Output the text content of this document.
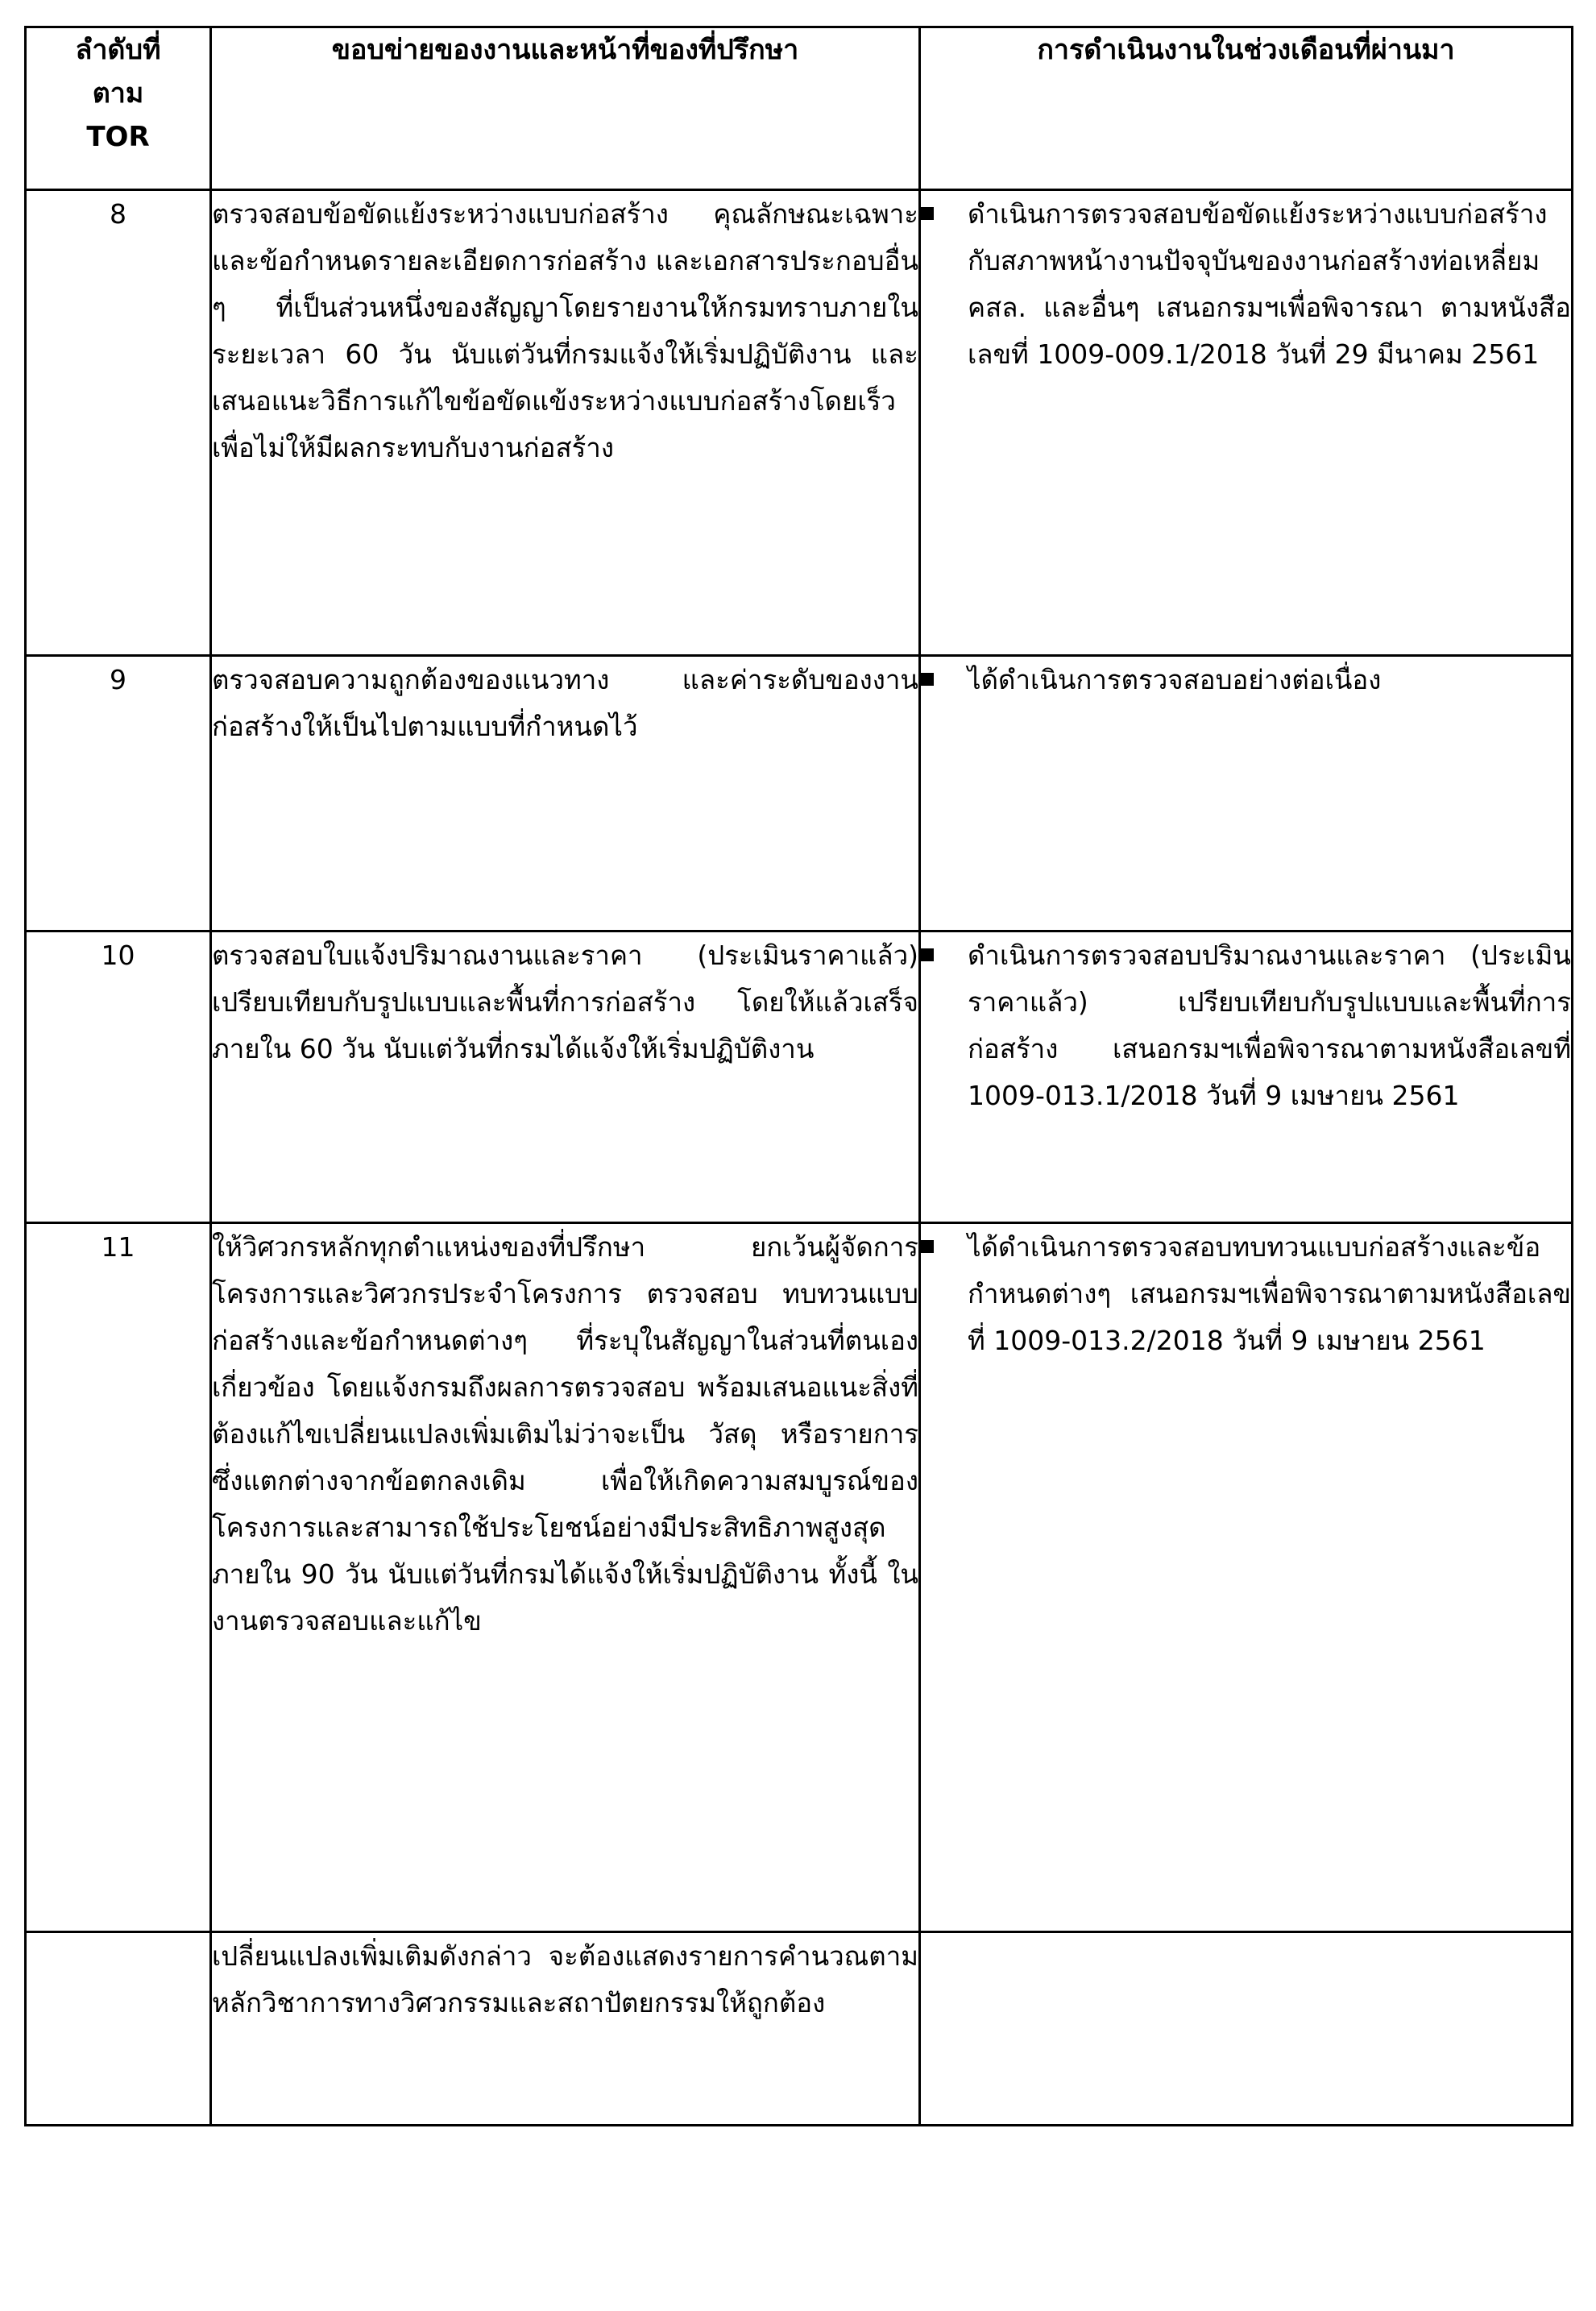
ลำดับที่
ตาม
TOR	ขอบข่ายของงานและหน้าที่ของที่ปรึกษา	การดำเนินงานในช่วงเดือนที่ผ่านมา
8	ตรวจสอบข้อขัดแย้งระหว่างแบบก่อสร้าง คุณลักษณะเฉพาะและข้อกำหนดรายละเอียดการก่อสร้าง และเอกสารประกอบอื่น ๆ ที่เป็นส่วนหนึ่งของสัญญาโดยรายงานให้กรมทราบภายในระยะเวลา 60 วัน นับแต่วันที่กรมแจ้งให้เริ่มปฏิบัติงาน และเสนอแนะวิธีการแก้ไขข้อขัดแข้งระหว่างแบบก่อสร้างโดยเร็วเพื่อไม่ให้มีผลกระทบกับงานก่อสร้าง	ดำเนินการตรวจสอบข้อขัดแย้งระหว่างแบบก่อสร้าง กับสภาพหน้างานปัจจุบันของงานก่อสร้างท่อเหลี่ยม คสล. และอื่นๆ เสนอกรมฯเพื่อพิจารณา ตามหนังสือเลขที่ 1009-009.1/2018 วันที่ 29 มีนาคม 2561

9	ตรวจสอบความถูกต้องของแนวทาง และค่าระดับของงานก่อสร้างให้เป็นไปตามแบบที่กำหนดไว้	ได้ดำเนินการตรวจสอบอย่างต่อเนื่อง

10	ตรวจสอบใบแจ้งปริมาณงานและราคา (ประเมินราคาแล้ว) เปรียบเทียบกับรูปแบบและพื้นที่การก่อสร้าง โดยให้แล้วเสร็จภายใน 60 วัน นับแต่วันที่กรมได้แจ้งให้เริ่มปฏิบัติงาน	ดำเนินการตรวจสอบปริมาณงานและราคา (ประเมินราคาแล้ว) เปรียบเทียบกับรูปแบบและพื้นที่การก่อสร้าง เสนอกรมฯเพื่อพิจารณาตามหนังสือเลขที่ 1009-013.1/2018 วันที่ 9 เมษายน 2561

11	ให้วิศวกรหลักทุกตำแหน่งของที่ปรึกษา ยกเว้นผู้จัดการโครงการและวิศวกรประจำโครงการ ตรวจสอบ ทบทวนแบบก่อสร้างและข้อกำหนดต่างๆ ที่ระบุในสัญญาในส่วนที่ตนเองเกี่ยวข้อง โดยแจ้งกรมถึงผลการตรวจสอบ พร้อมเสนอแนะสิ่งที่ต้องแก้ไขเปลี่ยนแปลงเพิ่มเติมไม่ว่าจะเป็น วัสดุ หรือรายการซึ่งแตกต่างจากข้อตกลงเดิม เพื่อให้เกิดความสมบูรณ์ของโครงการและสามารถใช้ประโยชน์อย่างมีประสิทธิภาพสูงสุด ภายใน 90 วัน นับแต่วันที่กรมได้แจ้งให้เริ่มปฏิบัติงาน ทั้งนี้ ในงานตรวจสอบและแก้ไข	ได้ดำเนินการตรวจสอบทบทวนแบบก่อสร้างและข้อกำหนดต่างๆ เสนอกรมฯเพื่อพิจารณาตามหนังสือเลขที่ 1009-013.2/2018 วันที่ 9 เมษายน 2561

	เปลี่ยนแปลงเพิ่มเติมดังกล่าว จะต้องแสดงรายการคำนวณตามหลักวิชาการทางวิศวกรรมและสถาปัตยกรรมให้ถูกต้อง	
